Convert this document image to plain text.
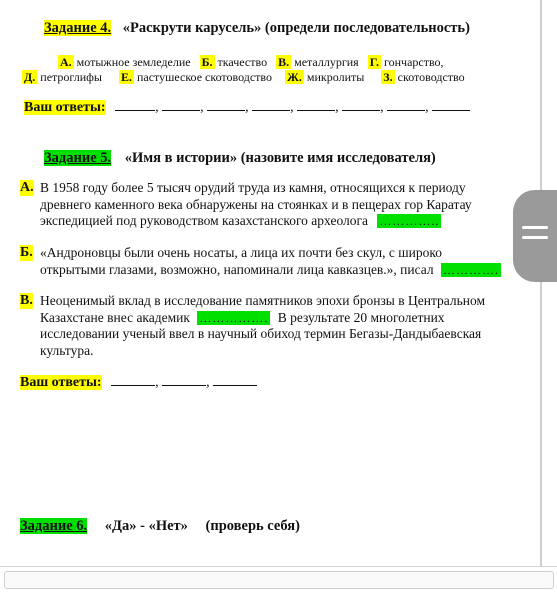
Задание 4. «Раскрути карусель» (определи последовательность)
А. мотыжное земледелие Б. ткачество В. металлургия Г. гончарство,
Д. петроглифы Е. пастушеское скотоводство Ж. микролиты З. скотоводство
Ваш ответы:	,	,	,	,	,	,	,
Задание 5. «Имя в истории» (назовите имя исследователя)
А. В 1958 году более 5 тысяч орудий труда из камня, относящихся к периоду
древнего каменного века обнаружены на стоянках и в пещерах гор Каратау
экспедицией под руководством казахстанского археолога …………..
Б. «Андроновцы были очень носаты, а лица их почти без скул, с широко
открытыми глазами, возможно, напоминали лица кавказцев.», писал ………….
В. Неоценимый вклад в исследование памятников эпохи бронзы в Центральном
Казахстане внес академик ……………. В результате 20 многолетних
исследовании ученый ввел в научный обиход термин Бегазы-Дандыбаевская
культура.
Ваш ответы:	,	,
Задание 6. «Да» - «Нет» (проверь себя)
